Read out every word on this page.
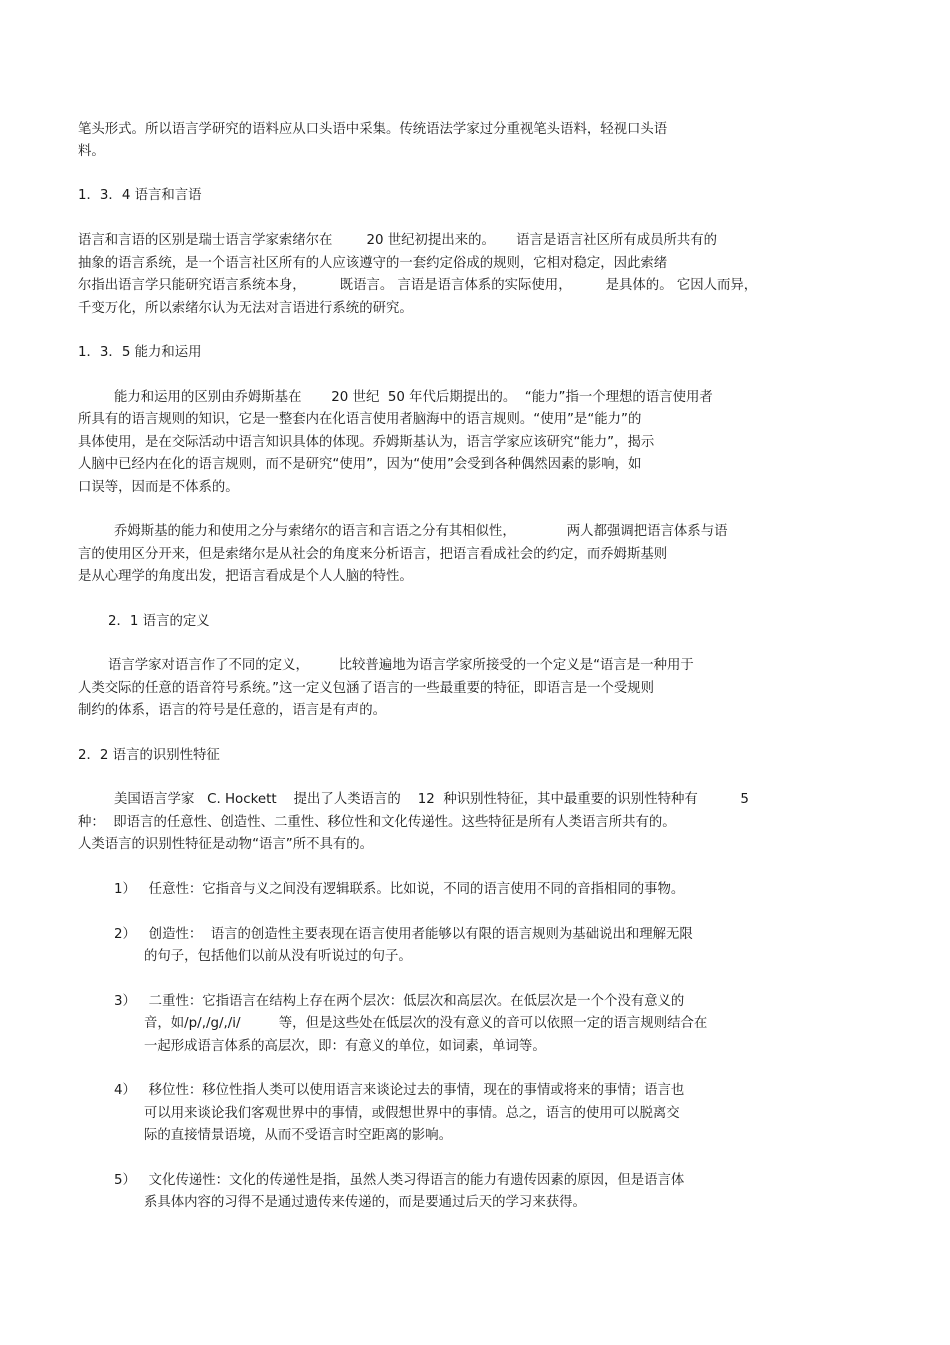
笔头形式。所以语言学研究的语料应从口头语中采集。传统语法学家过分重视笔头语料，轻视口头语
料。
1．3．4 语言和言语
语言和言语的区别是瑞士语言学家索绪尔在        20 世纪初提出来的。     语言是语言社区所有成员所共有的
抽象的语言系统，是一个语言社区所有的人应该遵守的一套约定俗成的规则，它相对稳定，因此索绪
尔指出语言学只能研究语言系统本身，        既语言。 言语是语言体系的实际使用，        是具体的。 它因人而异，
千变万化，所以索绪尔认为无法对言语进行系统的研究。
1．3．5 能力和运用
能力和运用的区别由乔姆斯基在       20 世纪  50 年代后期提出的。  “能力”指一个理想的语言使用者
所具有的语言规则的知识，它是一整套内在化语言使用者脑海中的语言规则。“使用”是“能力”的
具体使用，是在交际活动中语言知识具体的体现。乔姆斯基认为，语言学家应该研究“能力”，揭示
人脑中已经内在化的语言规则，而不是研究“使用”，因为“使用”会受到各种偶然因素的影响，如
口误等，因而是不体系的。
乔姆斯基的能力和使用之分与索绪尔的语言和言语之分有其相似性，            两人都强调把语言体系与语
言的使用区分开来，但是索绪尔是从社会的角度来分析语言，把语言看成社会的约定，而乔姆斯基则
是从心理学的角度出发，把语言看成是个人人脑的特性。
2．1 语言的定义
语言学家对语言作了不同的定义，       比较普遍地为语言学家所接受的一个定义是“语言是一种用于
人类交际的任意的语音符号系统。”这一定义包涵了语言的一些最重要的特征，即语言是一个受规则
制约的体系，语言的符号是任意的，语言是有声的。
2．2 语言的识别性特征
美国语言学家   C. Hockett    提出了人类语言的    12  种识别性特征，其中最重要的识别性特种有          5
种：  即语言的任意性、创造性、二重性、移位性和文化传递性。这些特征是所有人类语言所共有的。
人类语言的识别性特征是动物“语言”所不具有的。
1）   任意性：它指音与义之间没有逻辑联系。比如说，不同的语言使用不同的音指相同的事物。
2）   创造性：  语言的创造性主要表现在语言使用者能够以有限的语言规则为基础说出和理解无限
的句子，包括他们以前从没有听说过的句子。
3）   二重性：它指语言在结构上存在两个层次：低层次和高层次。在低层次是一个个没有意义的
音，如/p/,/g/,/i/         等，但是这些处在低层次的没有意义的音可以依照一定的语言规则结合在
一起形成语言体系的高层次，即：有意义的单位，如词素，单词等。
4）   移位性：移位性指人类可以使用语言来谈论过去的事情，现在的事情或将来的事情；语言也
可以用来谈论我们客观世界中的事情，或假想世界中的事情。总之，语言的使用可以脱离交
际的直接情景语境，从而不受语言时空距离的影响。
5）   文化传递性：文化的传递性是指，虽然人类习得语言的能力有遗传因素的原因，但是语言体
系具体内容的习得不是通过遗传来传递的，而是要通过后天的学习来获得。
